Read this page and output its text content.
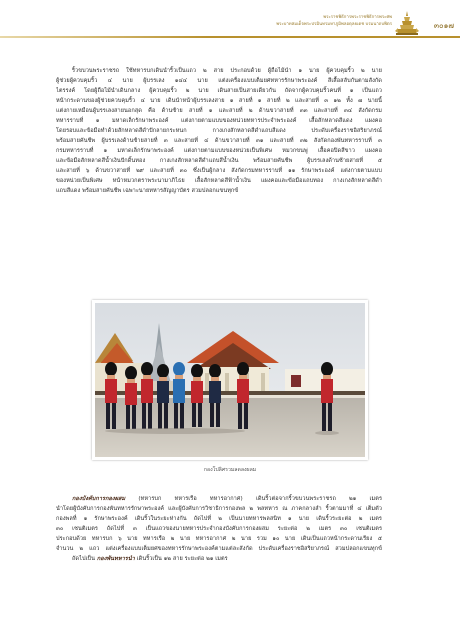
พระราชพิธีการพระราชพิธีการพระศพ
พระบาทสมเด็จพระปรมินทรมหาภูมิพลอดุลยเดช บรมนาถบพิตร	๓๐๑๗
ริ้วขบวนพระราชรถ ใช้ทหารบกเดินนำริ้วเป็นแถว ๒ สาย ประกอบด้วย ผู้ถือไม้นำ ๑ นาย ผู้ควบคุมริ้ว ๒ นาย
ผู้ช่วยผู้ควบคุมริ้ว ๔ นาย ผู้บรรเลง ๑๔๔ นาย แต่งเครื่องแบบเต็มยศทหารรักษาพระองค์ สีเสื้อสลับกันตามสังกัด
ไตรรงค์ โดยผู้ถือไม้นำเดินกลาง ผู้ควบคุมริ้ว ๒ นาย เดินสายเป็นสายเดียวกัน ถัดจากผู้ควบคุมริ้วคนที่ ๑ เป็นแถว
หน้ากระดานของผู้ช่วยควบคุมริ้ว ๔ นาย เดินนำหน้าผู้บรรเลงสาย ๑ สายที่ ๑ สายที่ ๒ และสายที่ ๓ ๑๒ ทั้ง ๗ นายนี้
แต่งกายเหมือนผู้บรรเลงสายนอกสุด คือ ด้านซ้าย สายที่ ๑ และสายที่ ๒ ด้านขวาสายที่ ๓๓ และสายที่ ๓๔ สังกัดกรม
ทหารราบที่ ๑ มหาดเล็กรักษาพระองค์ แต่งกายตามแบบของหน่วยทหารประจำพระองค์ เสื้อสักหลาดสีแดง แผงคอ
โดยรอบและข้อมือทำด้วยสักหลาดสีดำปักลายกระหนก กางเกงสักหลาดสีดำแถบสีแดง ประดับเครื่องราชอิสริยาภรณ์
พร้อมสายคันชีพ ผู้บรรเลงด้านซ้ายสายที่ ๓ และสายที่ ๔ ด้านขวาสายที่ ๓๑ และสายที่ ๓๒ สังกัดกองพันทหารราบที่ ๓
กรมทหารราบที่ ๑ มหาดเล็กรักษาพระองค์ แต่งกายตามแบบของหน่วยเป็นพิเศษ หมวกขนพู่ เสื้อคอปิดสีขาว แผงคอ
และข้อมือสักหลาดสีน้ำเงินปักดิ้นทอง กางเกงสักหลาดสีดำแถบสีน้ำเงิน พร้อมสายคันชีพ ผู้บรรเลงด้านซ้ายสายที่ ๕
และสายที่ ๖ ด้านขวาสายที่ ๒๙ และสายที่ ๓๐ ซึ่งเป็นผู้กลาง สังกัดกรมทหารราบที่ ๑๑ รักษาพระองค์ แต่งกายตามแบบ
ของหน่วยเป็นพิเศษ หน้าหมวกตราพระนามาภิไธย เสื้อสักหลาดสีฟ้าน้ำเงิน แผงคอและข้อมือแถบทอง กางเกงสักหลาดสีดำ
แถบสีแดง พร้อมสายคันชีพ เฉพาะนายทหารสัญญาบัตร สวมปลอกแขนทุกข์
กองโปลิศรวมลดลงผลม
กองบังคับการกองผสม (ทหารบก ทหารเรือ ทหารอากาศ) เดินริ้วต่อจากริ้วขบวนพระราชรถ ๒๑ เมตร
นำโดยผู้บังคับการกองพันทหารรักษาพระองค์ และผู้บังคับการวิชาธิการกองพล ๒ พลทหาร ณ ภาคกลางลำ ริ้วตามมาที่ ๔ เต็มตัว
กองพลที่ ๑ รักษาพระองค์ เดินริ้วในระยะห่างกัน ถัดไปที่ ๒ เป็นนายทหารพลสนิท ๑ นาย เดินริ้วระยะต่อ ๒ เมตร
๓๐ เซนติเมตร ถัดไปที่ ๓ เป็นแถวของนายทหารประจำกองบังคับการกองผสม ระยะต่อ ๒ เมตร ๓๐ เซนติเมตร
ประกอบด้วย ทหารบก ๖ นาย ทหารเรือ ๒ นาย ทหารอากาศ ๒ นาย รวม ๑๐ นาย เดินเป็นแถวหน้ากระดานเรียง ๕
จำนวน ๒ แถว แต่งเครื่องแบบเต็มยศของทหารรักษาพระองค์ตามแต่ละสังกัด ประดับเครื่องราชอิสริยาภรณ์ สวมปลอกแขนทุกข์
ถัดไปเป็น กองพันทหารนำ เดินริ้วเป็น ๑๒ สาย ระยะต่อ ๒๑ เมตร
